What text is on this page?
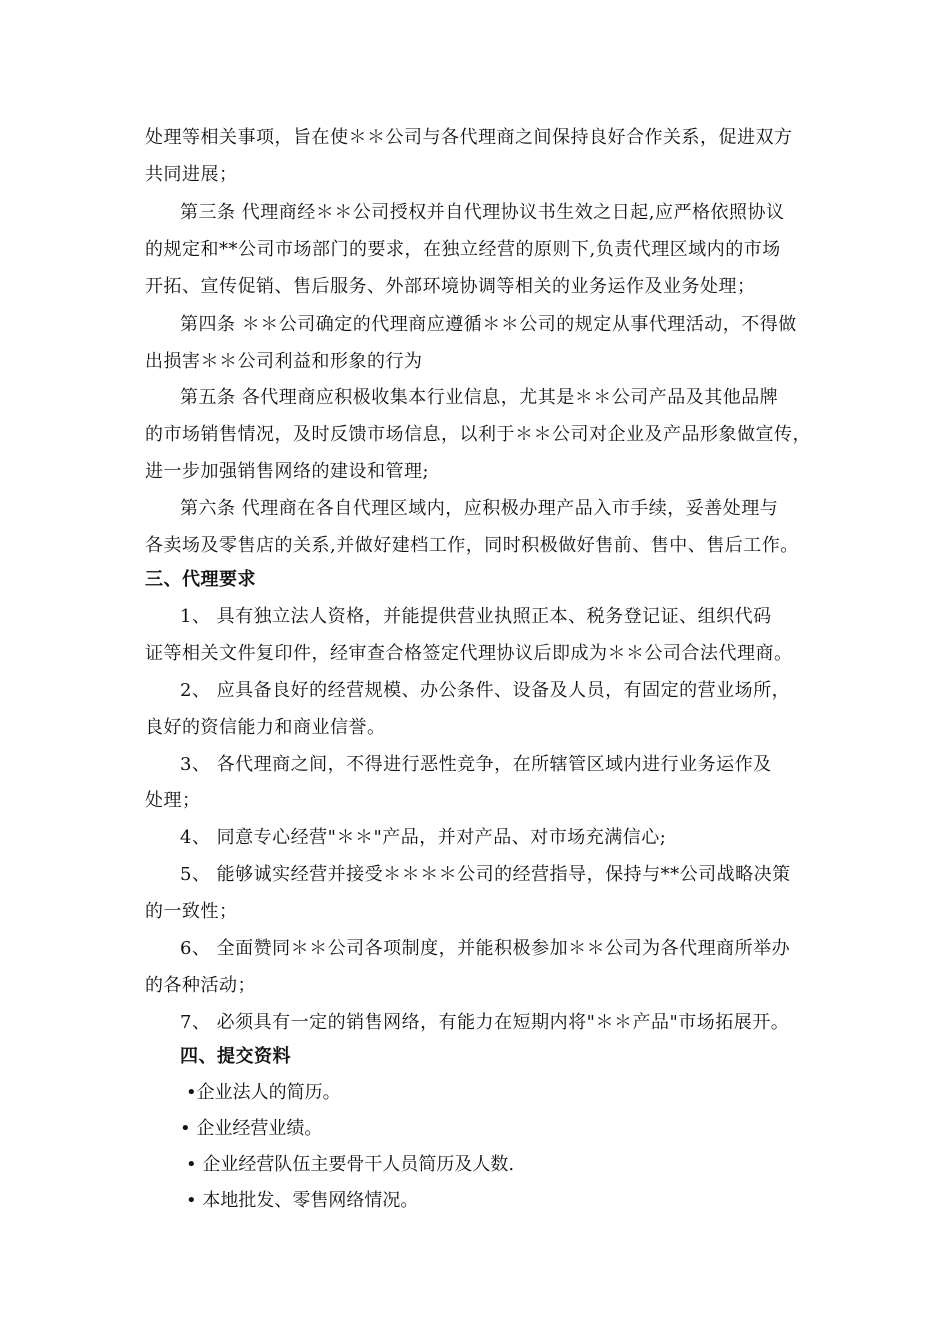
处理等相关事项，旨在使＊＊公司与各代理商之间保持良好合作关系，促进双方
共同进展；
第三条 代理商经＊＊公司授权并自代理协议书生效之日起,应严格依照协议
的规定和**公司市场部门的要求，在独立经营的原则下,负责代理区域内的市场
开拓、宣传促销、售后服务、外部环境协调等相关的业务运作及业务处理；
第四条 ＊＊公司确定的代理商应遵循＊＊公司的规定从事代理活动，不得做
出损害＊＊公司利益和形象的行为
第五条 各代理商应积极收集本行业信息，尤其是＊＊公司产品及其他品牌
的市场销售情况，及时反馈市场信息，以利于＊＊公司对企业及产品形象做宣传，
进一步加强销售网络的建设和管理;
第六条 代理商在各自代理区域内，应积极办理产品入市手续，妥善处理与
各卖场及零售店的关系,并做好建档工作，同时积极做好售前、售中、售后工作。
三、代理要求
1、 具有独立法人资格，并能提供营业执照正本、税务登记证、组织代码
证等相关文件复印件，经审查合格签定代理协议后即成为＊＊公司合法代理商。
2、 应具备良好的经营规模、办公条件、设备及人员，有固定的营业场所，
良好的资信能力和商业信誉。
3、 各代理商之间，不得进行恶性竞争，在所辖管区域内进行业务运作及
处理；
4、 同意专心经营"＊＊"产品，并对产品、对市场充满信心;
5、 能够诚实经营并接受＊＊＊＊公司的经营指导，保持与**公司战略决策
的一致性；
6、 全面赞同＊＊公司各项制度，并能积极参加＊＊公司为各代理商所举办
的各种活动；
7、 必须具有一定的销售网络，有能力在短期内将"＊＊产品"市场拓展开。
四、提交资料
•企业法人的简历。
• 企业经营业绩。
• 企业经营队伍主要骨干人员简历及人数.
• 本地批发、零售网络情况。
